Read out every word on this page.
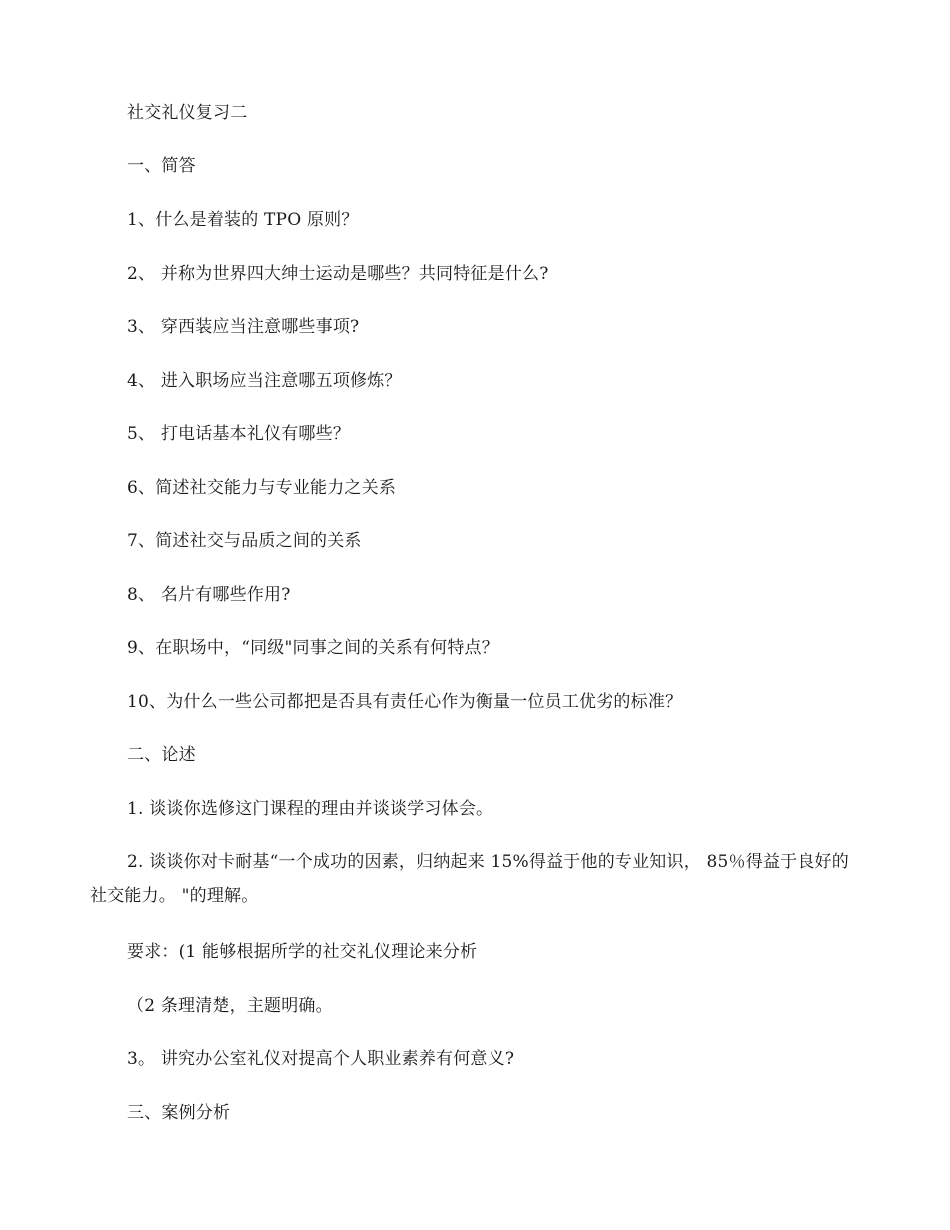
社交礼仪复习二
一、简答
1、什么是着装的 TPO 原则？
2、 并称为世界四大绅士运动是哪些？共同特征是什么?
3、 穿西装应当注意哪些事项?
4、 进入职场应当注意哪五项修炼？
5、 打电话基本礼仪有哪些？
6、简述社交能力与专业能力之关系
7、简述社交与品质之间的关系
8、 名片有哪些作用?
9、在职场中，“同级"同事之间的关系有何特点？
10、为什么一些公司都把是否具有责任心作为衡量一位员工优劣的标准？
二、论述
1. 谈谈你选修这门课程的理由并谈谈学习体会。
2. 谈谈你对卡耐基“一个成功的因素，归纳起来 15%得益于他的专业知识， 85％得益于良好的社交能力。 "的理解。
要求：(1 能够根据所学的社交礼仪理论来分析
（2 条理清楚，主题明确。
3。 讲究办公室礼仪对提高个人职业素养有何意义?
三、案例分析
